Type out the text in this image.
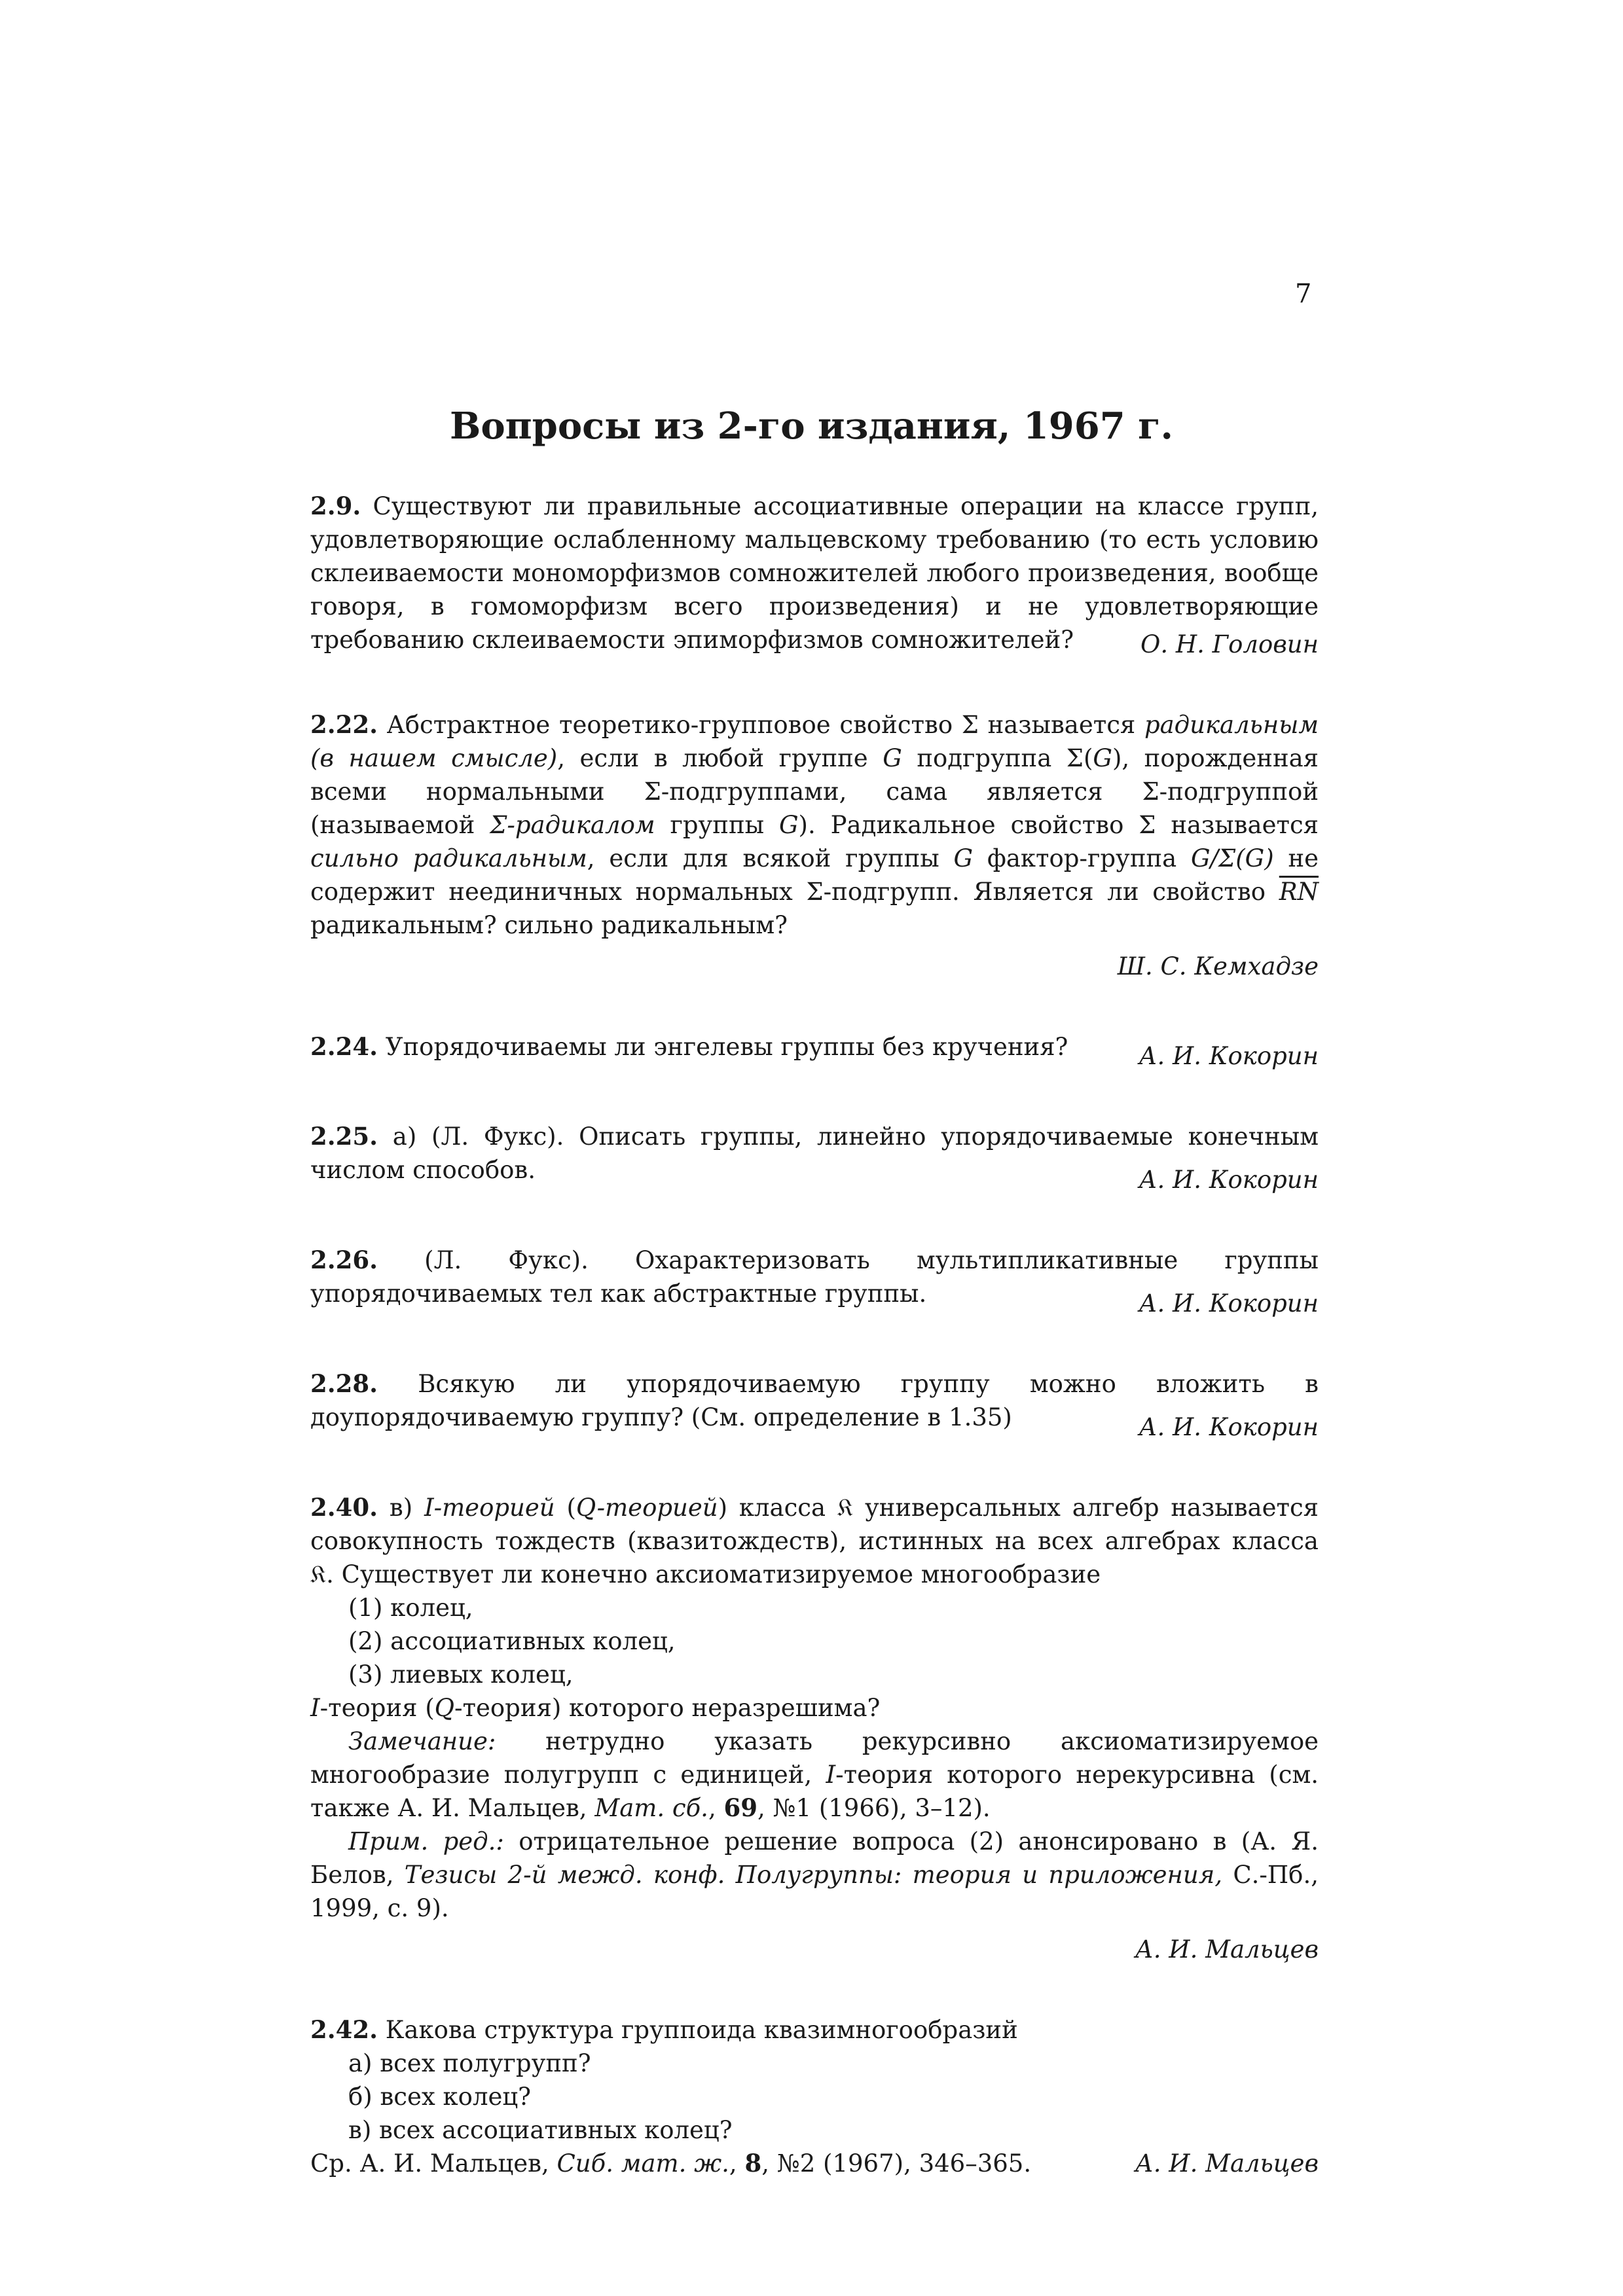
7
Вопросы из 2-го издания, 1967 г.

2.9. Существуют ли правильные ассоциативные операции на классе групп, удовлетворяющие ослабленному мальцевскому требованию (то есть условию склеиваемости мономорфизмов сомножителей любого произведения, вообще говоря, в гомоморфизм всего произведения) и не удовлетворяющие требованию склеиваемости эпиморфизмов сомножителей?	О. Н. Головин

2.22. Абстрактное теоретико-групповое свойство Σ называется радикальным (в нашем смысле), если в любой группе G подгруппа Σ(G), порожденная всеми нормальными Σ-подгруппами, сама является Σ-подгруппой (называемой Σ-радикалом группы G). Радикальное свойство Σ называется сильно радикальным, если для всякой группы G фактор-группа G/Σ(G) не содержит неединичных нормальных Σ-подгрупп. Является ли свойство $\overline{RN}$ радикальным? сильно радикальным?

Ш. С. Кемхадзе
А. И. Кокорин

2.24. Упорядочиваемы ли энгелевы группы без кручения?

2.25. а) (Л. Фукс). Описать группы, линейно упорядочиваемые конечным числом способов.	А. И. Кокорин

2.26. (Л. Фукс). Охарактеризовать мультипликативные группы упорядочиваемых тел как абстрактные группы.	А. И. Кокорин

2.28. Всякую ли упорядочиваемую группу можно вложить в доупорядочиваемую группу? (См. определение в 1.35)	А. И. Кокорин

2.40. в) I-теорией (Q-теорией) класса 𝔎 универсальных алгебр называется совокупность тождеств (квазитождеств), истинных на всех алгебрах класса 𝔎. Существует ли конечно аксиоматизируемое многообразие

(1) колец,
(2) ассоциативных колец,
(3) лиевых колец,

I-теория (Q-теория) которого неразрешима?

Замечание: нетрудно указать рекурсивно аксиоматизируемое многообразие полугрупп с единицей, I-теория которого нерекурсивна (см. также А. И. Мальцев, Мат. сб., 69, №1 (1966), 3–12).

Прим. ред.: отрицательное решение вопроса (2) анонсировано в (А. Я. Белов, Тезисы 2-й межд. конф. Полугруппы: теория и приложения, С.-Пб., 1999, с. 9).

А. И. Мальцев

2.42. Какова структура группоида квазимногообразий

а) всех полугрупп?
б) всех колец?
в) всех ассоциативных колец?
А. И. Мальцев
Ср. А. И. Мальцев, Сиб. мат. ж., 8, №2 (1967), 346–365.
